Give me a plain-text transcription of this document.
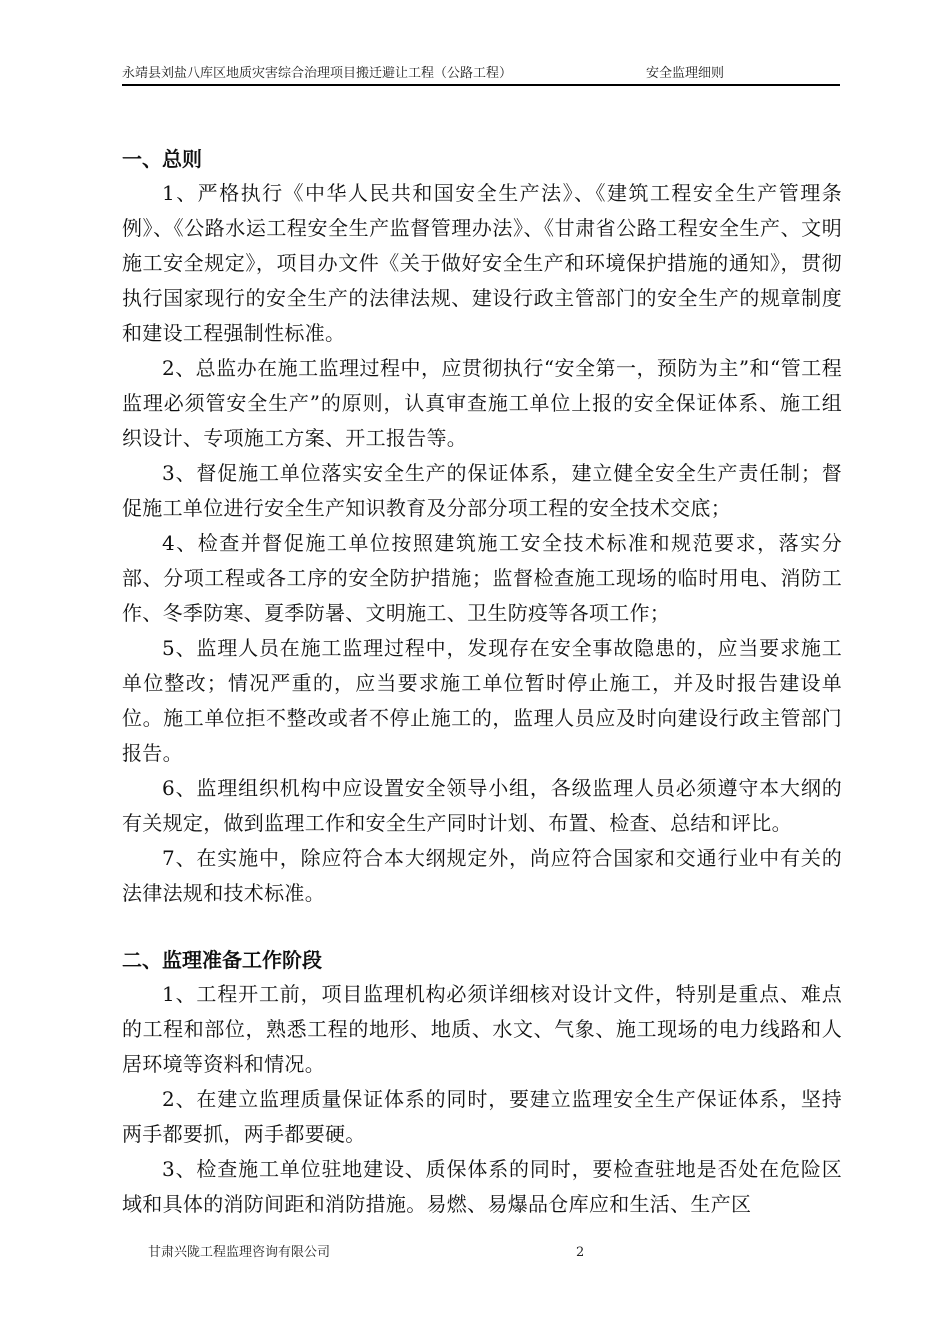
永靖县刘盐八库区地质灾害综合治理项目搬迁避让工程（公路工程）	安全监理细则
一、总则

1、严格执行《中华人民共和国安全生产法》、《建筑工程安全生产管理条例》、《公路水运工程安全生产监督管理办法》、《甘肃省公路工程安全生产、文明施工安全规定》，项目办文件《关于做好安全生产和环境保护措施的通知》，贯彻执行国家现行的安全生产的法律法规、建设行政主管部门的安全生产的规章制度和建设工程强制性标准。

2、总监办在施工监理过程中，应贯彻执行“安全第一，预防为主”和“管工程监理必须管安全生产”的原则，认真审查施工单位上报的安全保证体系、施工组织设计、专项施工方案、开工报告等。

3、督促施工单位落实安全生产的保证体系，建立健全安全生产责任制；督促施工单位进行安全生产知识教育及分部分项工程的安全技术交底；

4、检查并督促施工单位按照建筑施工安全技术标准和规范要求，落实分部、分项工程或各工序的安全防护措施；监督检查施工现场的临时用电、消防工作、冬季防寒、夏季防暑、文明施工、卫生防疫等各项工作；

5、监理人员在施工监理过程中，发现存在安全事故隐患的，应当要求施工单位整改；情况严重的，应当要求施工单位暂时停止施工，并及时报告建设单位。施工单位拒不整改或者不停止施工的，监理人员应及时向建设行政主管部门报告。

6、监理组织机构中应设置安全领导小组，各级监理人员必须遵守本大纲的有关规定，做到监理工作和安全生产同时计划、布置、检查、总结和评比。

7、在实施中，除应符合本大纲规定外，尚应符合国家和交通行业中有关的法律法规和技术标准。

二、监理准备工作阶段

1、工程开工前，项目监理机构必须详细核对设计文件，特别是重点、难点的工程和部位，熟悉工程的地形、地质、水文、气象、施工现场的电力线路和人居环境等资料和情况。

2、在建立监理质量保证体系的同时，要建立监理安全生产保证体系，坚持两手都要抓，两手都要硬。

3、检查施工单位驻地建设、质保体系的同时，要检查驻地是否处在危险区域和具体的消防间距和消防措施。易燃、易爆品仓库应和生活、生产区

甘肃兴陇工程监理咨询有限公司	2
